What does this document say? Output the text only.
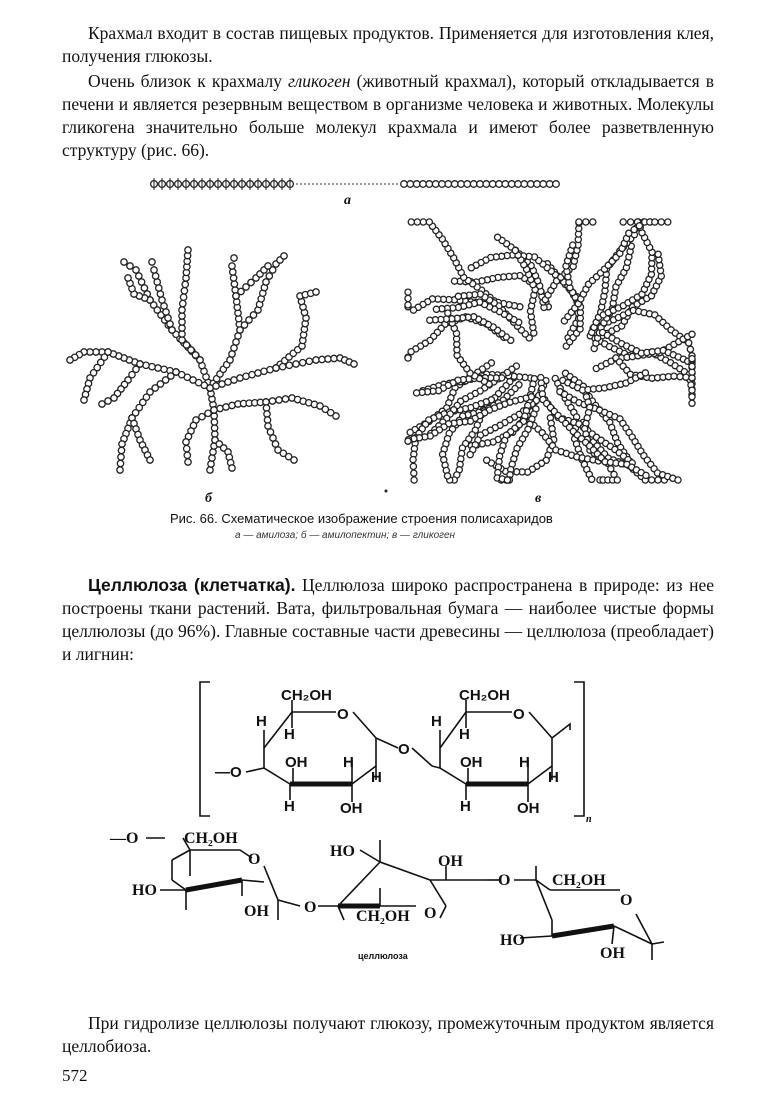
Крахмал входит в состав пищевых продуктов. Применяется для изготовления клея, получения глюкозы.
Очень близок к крахмалу гликоген (животный крахмал), который откладывается в печени и является резервным веществом в организме человека и животных. Молекулы гликогена значительно больше молекул крахмала и имеют более разветвленную структуру (рис. 66).
а
б	в
Рис. 66. Схематическое изображение строения полисахаридов
а — амилоза; б — амилопектин; в — гликоген
Целлюлоза (клетчатка). Целлюлоза широко распространена в природе: из нее построены ткани растений. Вата, фильтровальная бумага — наиболее чистые формы целлюлозы (до 96%). Главные составные части древесины — целлюлоза (преобладает) и лигнин:
CH₂OH
O
H
H
OH H
H
H	OH
—O
O
CH₂OH
O
H
H
OH H
H
H	OH
n
—O	CH₂OH
O
HO
OH O
HO
OH
CH₂OH O
O	CH₂OH
O
HO
OH
целлюлоза
При гидролизе целлюлозы получают глюкозу, промежуточным продуктом является целлобиоза.
572
